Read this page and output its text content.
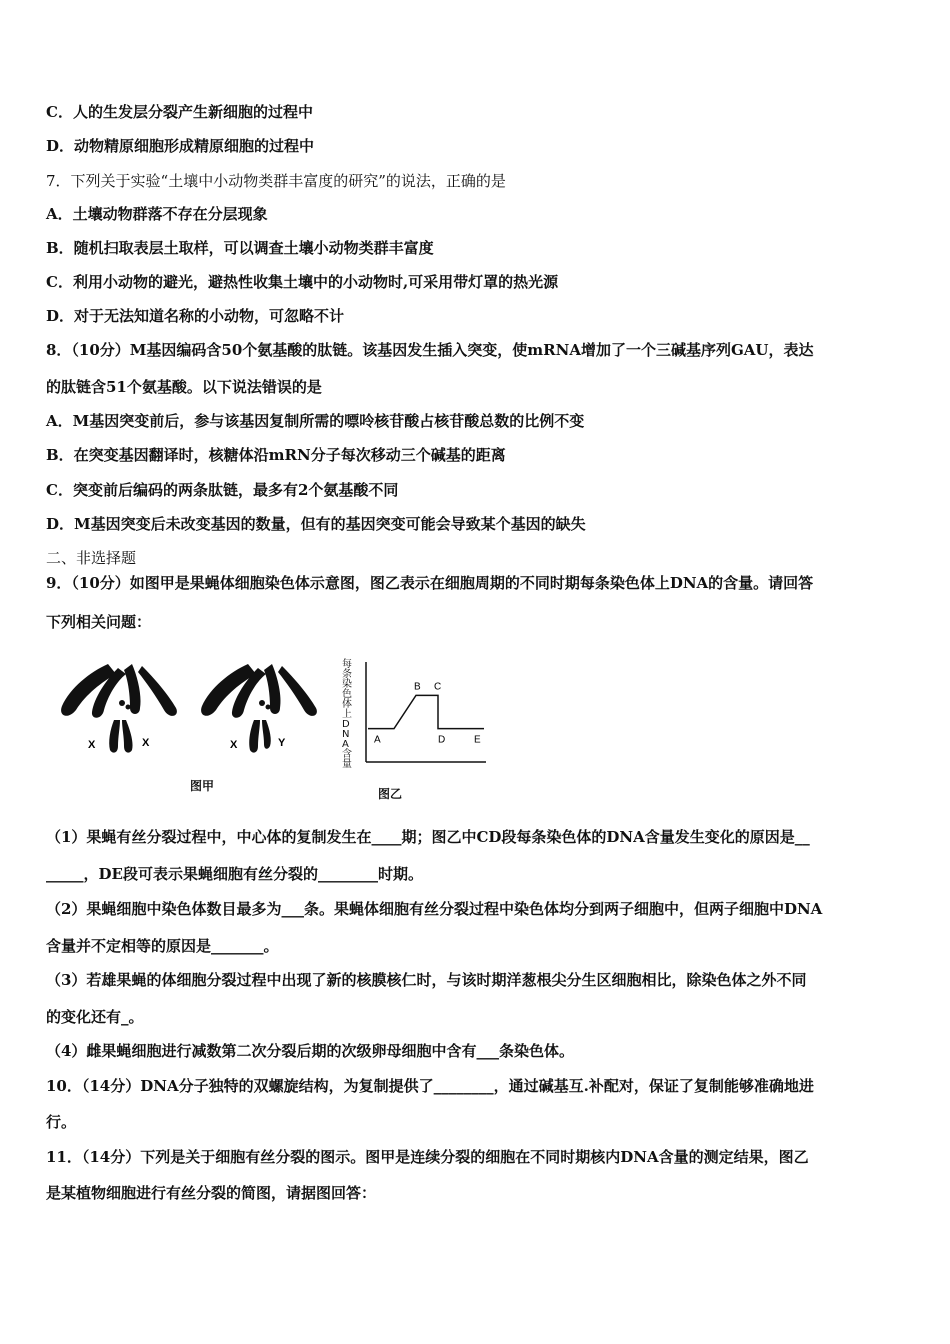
C．人的生发层分裂产生新细胞的过程中
D．动物精原细胞形成精原细胞的过程中
7．下列关于实验“土壤中小动物类群丰富度的研究”的说法，正确的是
A．土壤动物群落不存在分层现象
B．随机扫取表层土取样，可以调查土壤小动物类群丰富度
C．利用小动物的避光，避热性收集土壤中的小动物时,可采用带灯罩的热光源
D．对于无法知道名称的小动物，可忽略不计
8．（10分）M基因编码含50个氨基酸的肽链。该基因发生插入突变，使mRNA增加了一个三碱基序列GAU，表达
的肽链含51个氨基酸。以下说法错误的是
A．M基因突变前后，参与该基因复制所需的嘌呤核苷酸占核苷酸总数的比例不变
B．在突变基因翻译时，核糖体沿mRN分子每次移动三个碱基的距离
C．突变前后编码的两条肽链，最多有2个氨基酸不同
D．M基因突变后未改变基因的数量，但有的基因突变可能会导致某个基因的缺失
二、非选择题
9．（10分）如图甲是果蝇体细胞染色体示意图，图乙表示在细胞周期的不同时期每条染色体上DNA的含量。请回答
下列相关问题：
X	X	X	Y	A
B C
D	E
图甲
图乙
每条染色体上DNA含量
（1）果蝇有丝分裂过程中，中心体的复制发生在____期；图乙中CD段每条染色体的DNA含量发生变化的原因是__
_____，DE段可表示果蝇细胞有丝分裂的________时期。
（2）果蝇细胞中染色体数目最多为___条。果蝇体细胞有丝分裂过程中染色体均分到两子细胞中，但两子细胞中DNA
含量并不定相等的原因是_______。
（3）若雄果蝇的体细胞分裂过程中出现了新的核膜核仁时，与该时期洋葱根尖分生区细胞相比，除染色体之外不同
的变化还有_。
（4）雌果蝇细胞进行减数第二次分裂后期的次级卵母细胞中含有___条染色体。
10．（14分）DNA分子独特的双螺旋结构，为复制提供了________，通过碱基互.补配对，保证了复制能够准确地进
行。
11．（14分）下列是关于细胞有丝分裂的图示。图甲是连续分裂的细胞在不同时期核内DNA含量的测定结果，图乙
是某植物细胞进行有丝分裂的简图，请据图回答：
